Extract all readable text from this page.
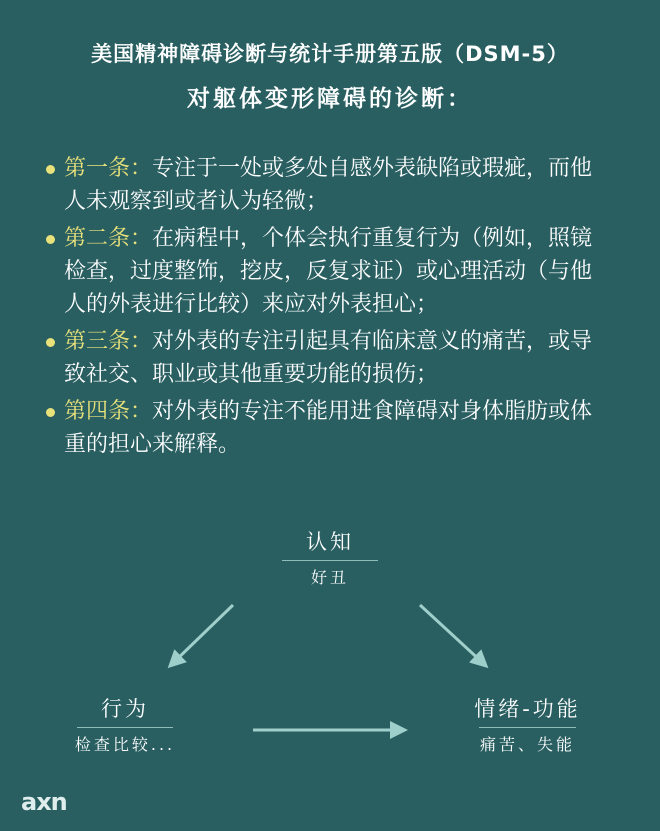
美国精神障碍诊断与统计手册第五版（DSM-5）
对躯体变形障碍的诊断：
第一条：专注于一处或多处自感外表缺陷或瑕疵，而他
人未观察到或者认为轻微；
第二条：在病程中，个体会执行重复行为（例如，照镜
检查，过度整饰，挖皮，反复求证）或心理活动（与他
人的外表进行比较）来应对外表担心；
第三条：对外表的专注引起具有临床意义的痛苦，或导
致社交、职业或其他重要功能的损伤；
第四条：对外表的专注不能用进食障碍对身体脂肪或体
重的担心来解释。
认知
好丑
行为
检查比较...
情绪-功能
痛苦、失能
axn
